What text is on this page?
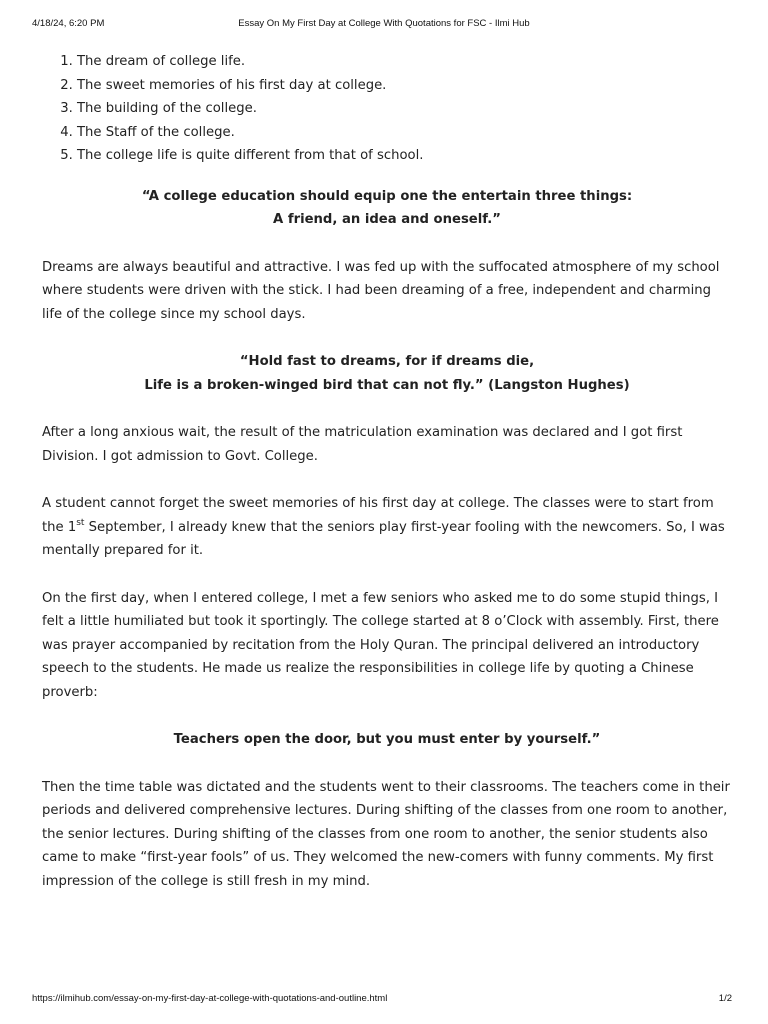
4/18/24, 6:20 PM	Essay On My First Day at College With Quotations for FSC - Ilmi Hub
1. The dream of college life.
2. The sweet memories of his first day at college.
3. The building of the college.
4. The Staff of the college.
5. The college life is quite different from that of school.
“A college education should equip one the entertain three things:
A friend, an idea and oneself.”

Dreams are always beautiful and attractive. I was fed up with the suffocated atmosphere of my school where students were driven with the stick. I had been dreaming of a free, independent and charming life of the college since my school days.

“Hold fast to dreams, for if dreams die,
Life is a broken-winged bird that can not fly.” (Langston Hughes)

After a long anxious wait, the result of the matriculation examination was declared and I got first Division. I got admission to Govt. College.

A student cannot forget the sweet memories of his first day at college. The classes were to start from the 1st September, I already knew that the seniors play first-year fooling with the newcomers. So, I was mentally prepared for it.

On the first day, when I entered college, I met a few seniors who asked me to do some stupid things, I felt a little humiliated but took it sportingly. The college started at 8 o’Clock with assembly. First, there was prayer accompanied by recitation from the Holy Quran. The principal delivered an introductory speech to the students. He made us realize the responsibilities in college life by quoting a Chinese proverb:

Teachers open the door, but you must enter by yourself.”

Then the time table was dictated and the students went to their classrooms. The teachers come in their periods and delivered comprehensive lectures. During shifting of the classes from one room to another, the senior lectures. During shifting of the classes from one room to another, the senior students also came to make “first-year fools” of us. They welcomed the new-comers with funny comments. My first impression of the college is still fresh in my mind.

https://ilmihub.com/essay-on-my-first-day-at-college-with-quotations-and-outline.html	1/2
